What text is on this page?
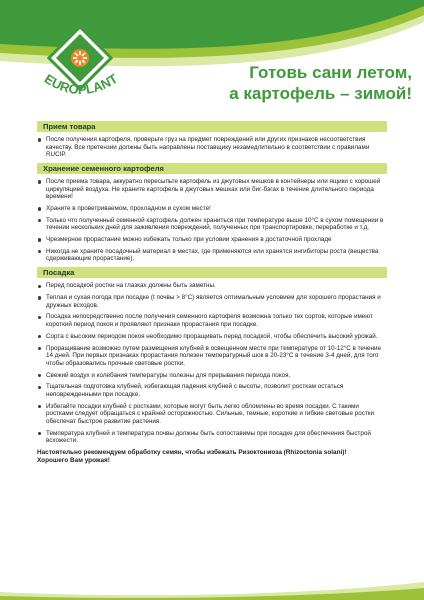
EUROPLANT	Готовь сани летом,
а картофель – зимой!
Прием товара
После получения картофеля, проверьте груз на предмет повреждений или других признаков несоответствия качеству. Все претензии должны быть направлены поставщику незамедлительно в соответствии с правилами RUCIP.
Хранение семенного картофеля
После приема товара, аккуратно пересыпьте картофель из джутовых мешков в контейнеры или ящики с хорошей циркуляцией воздуха. Не храните картофель в джутовых мешках или биг-бэгах в течение длительного периода времени!
Храните в проветриваемом, прохладном и сухом месте!
Только что полученный семенной картофель должен храниться при температуре выше 10°C в сухом помещении в течении нескольких дней для заживления повреждений, полученных при транспортировке, переработке и т.д.
Чрезмерное прорастание можно избежать только при условии хранения в достаточной прохладе
Никогда не храните посадочный материал в местах, где применяются или хранятся ингибиторы роста (вещества сдерживающие прорастание).
Посадка
Перед посадкой ростки на глазках должны быть заметны.
Теплая и сухая погода при посадке (t почвы > 8°C) является оптимальным условием для хорошего прорастания и дружных всходов.
Посадка непосредственно после получения семенного картофеля возможна только тех сортов, которые имеют короткий период покоя и проявляют признаки прорастания при посадке.
Сорта с высоким периодом покоя необходимо проращивать перед посадкой, чтобы обеспечить высокий урожай.
Проращивание возможно путем размещения клубней в освещенном месте при температуре от 10-12°C в течение 14 дней. При первых признаках прорастания полезен температурный шок в 20-23°C в течение 3-4 дней, для того чтобы образовались прочные световые ростки.
Свежий воздух и колебания температуры полезны для прерывания периода покоя.
Тщательная подготовка клубней, избегающая падения клубней с высоты, позволит росткам остаться неповрежденными при посадке.
Избегайте посадки клубней с ростками, которые могут быть легко обломлены во время посадки. С такими ростками следует обращаться с крайней осторожностью. Сильные, темные, короткие и гибкие световые ростки обеспечат быстрое развитие растения.
Температура клубней и температура почвы должны быть сопоставимы при посадке для обеспечения быстрой всхожести.
Настоятельно рекомендуем обработку семян, чтобы избежать Ризоктониоза (Rhizoctonia solani)!
Хорошего Вам урожая!
